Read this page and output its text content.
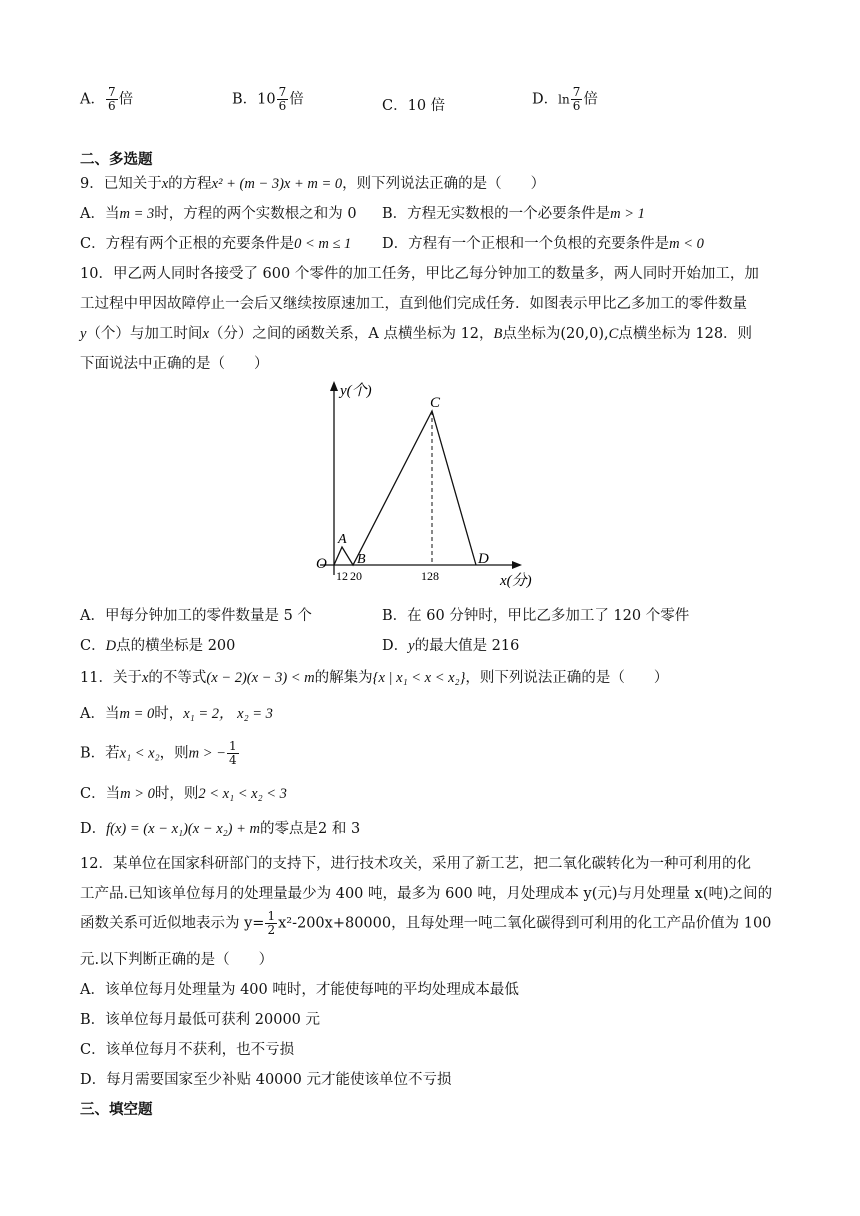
A． $\frac{7}{6}$ 倍	B．$10 \frac{7}{6}$ 倍	C．10 倍	D．$\ln \frac{7}{6}$ 倍
二、多选题
9．已知关于x的方程x² + (m − 3)x + m = 0，则下列说法正确的是（　　）
A．当m = 3时，方程的两个实数根之和为 0 B．方程无实数根的一个必要条件是m > 1
C．方程有两个正根的充要条件是0 < m ≤ 1 D．方程有一个正根和一个负根的充要条件是m < 0
10．甲乙两人同时各接受了 600 个零件的加工任务，甲比乙每分钟加工的数量多，两人同时开始加工，加
工过程中甲因故障停止一会后又继续按原速加工，直到他们完成任务．如图表示甲比乙多加工的零件数量
y（个）与加工时间x（分）之间的函数关系，A 点横坐标为 12，B点坐标为(20,0),C点横坐标为 128．则
下面说法中正确的是（　　）
y(个)
x(分)
O
A
B
C
D
12 20	128
A．甲每分钟加工的零件数量是 5 个	B．在 60 分钟时，甲比乙多加工了 120 个零件
C．D点的横坐标是 200	D．y的最大值是 216
11．关于x的不等式(x − 2)(x − 3) < m的解集为{x | x₁ < x < x₂}，则下列说法正确的是（　　）
A．当m = 0时，x₁ = 2， x₂ = 3
B．若x₁ < x₂，则m > − $\frac{1}{4}$
C．当m > 0时，则2 < x₁ < x₂ < 3
D．f(x) = (x − x₁)(x − x₂) + m的零点是2 和 3
12．某单位在国家科研部门的支持下，进行技术攻关，采用了新工艺，把二氧化碳转化为一种可利用的化
工产品.已知该单位每月的处理量最少为 400 吨，最多为 600 吨，月处理成本 y(元)与月处理量 x(吨)之间的
函数关系可近似地表示为 $y= \frac{1}{2} x^2-200x+80000$，且每处理一吨二氧化碳得到可利用的化工产品价值为 100
元.以下判断正确的是（　　）
A．该单位每月处理量为 400 吨时，才能使每吨的平均处理成本最低
B．该单位每月最低可获利 20000 元
C．该单位每月不获利，也不亏损
D．每月需要国家至少补贴 40000 元才能使该单位不亏损
三、填空题
